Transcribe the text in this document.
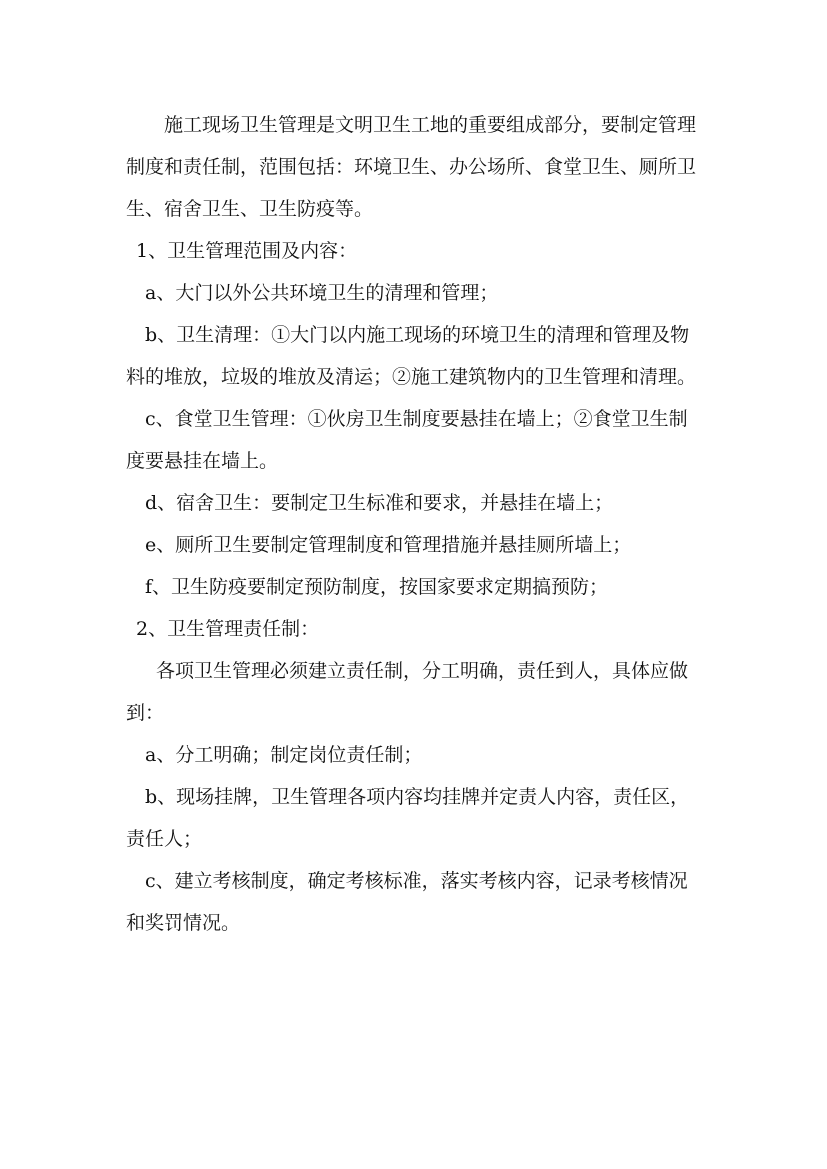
施工现场卫生管理是文明卫生工地的重要组成部分，要制定管理制度和责任制，范围包括：环境卫生、办公场所、食堂卫生、厕所卫生、宿舍卫生、卫生防疫等。

1、卫生管理范围及内容：

a、大门以外公共环境卫生的清理和管理；

b、卫生清理：①大门以内施工现场的环境卫生的清理和管理及物料的堆放，垃圾的堆放及清运；②施工建筑物内的卫生管理和清理。

c、食堂卫生管理：①伙房卫生制度要悬挂在墙上；②食堂卫生制度要悬挂在墙上。

d、宿舍卫生：要制定卫生标准和要求，并悬挂在墙上；

e、厕所卫生要制定管理制度和管理措施并悬挂厕所墙上；

f、卫生防疫要制定预防制度，按国家要求定期搞预防；

2、卫生管理责任制：

各项卫生管理必须建立责任制，分工明确，责任到人，具体应做到：

a、分工明确；制定岗位责任制；

b、现场挂牌，卫生管理各项内容均挂牌并定责人内容，责任区，责任人；

c、建立考核制度，确定考核标准，落实考核内容，记录考核情况和奖罚情况。
